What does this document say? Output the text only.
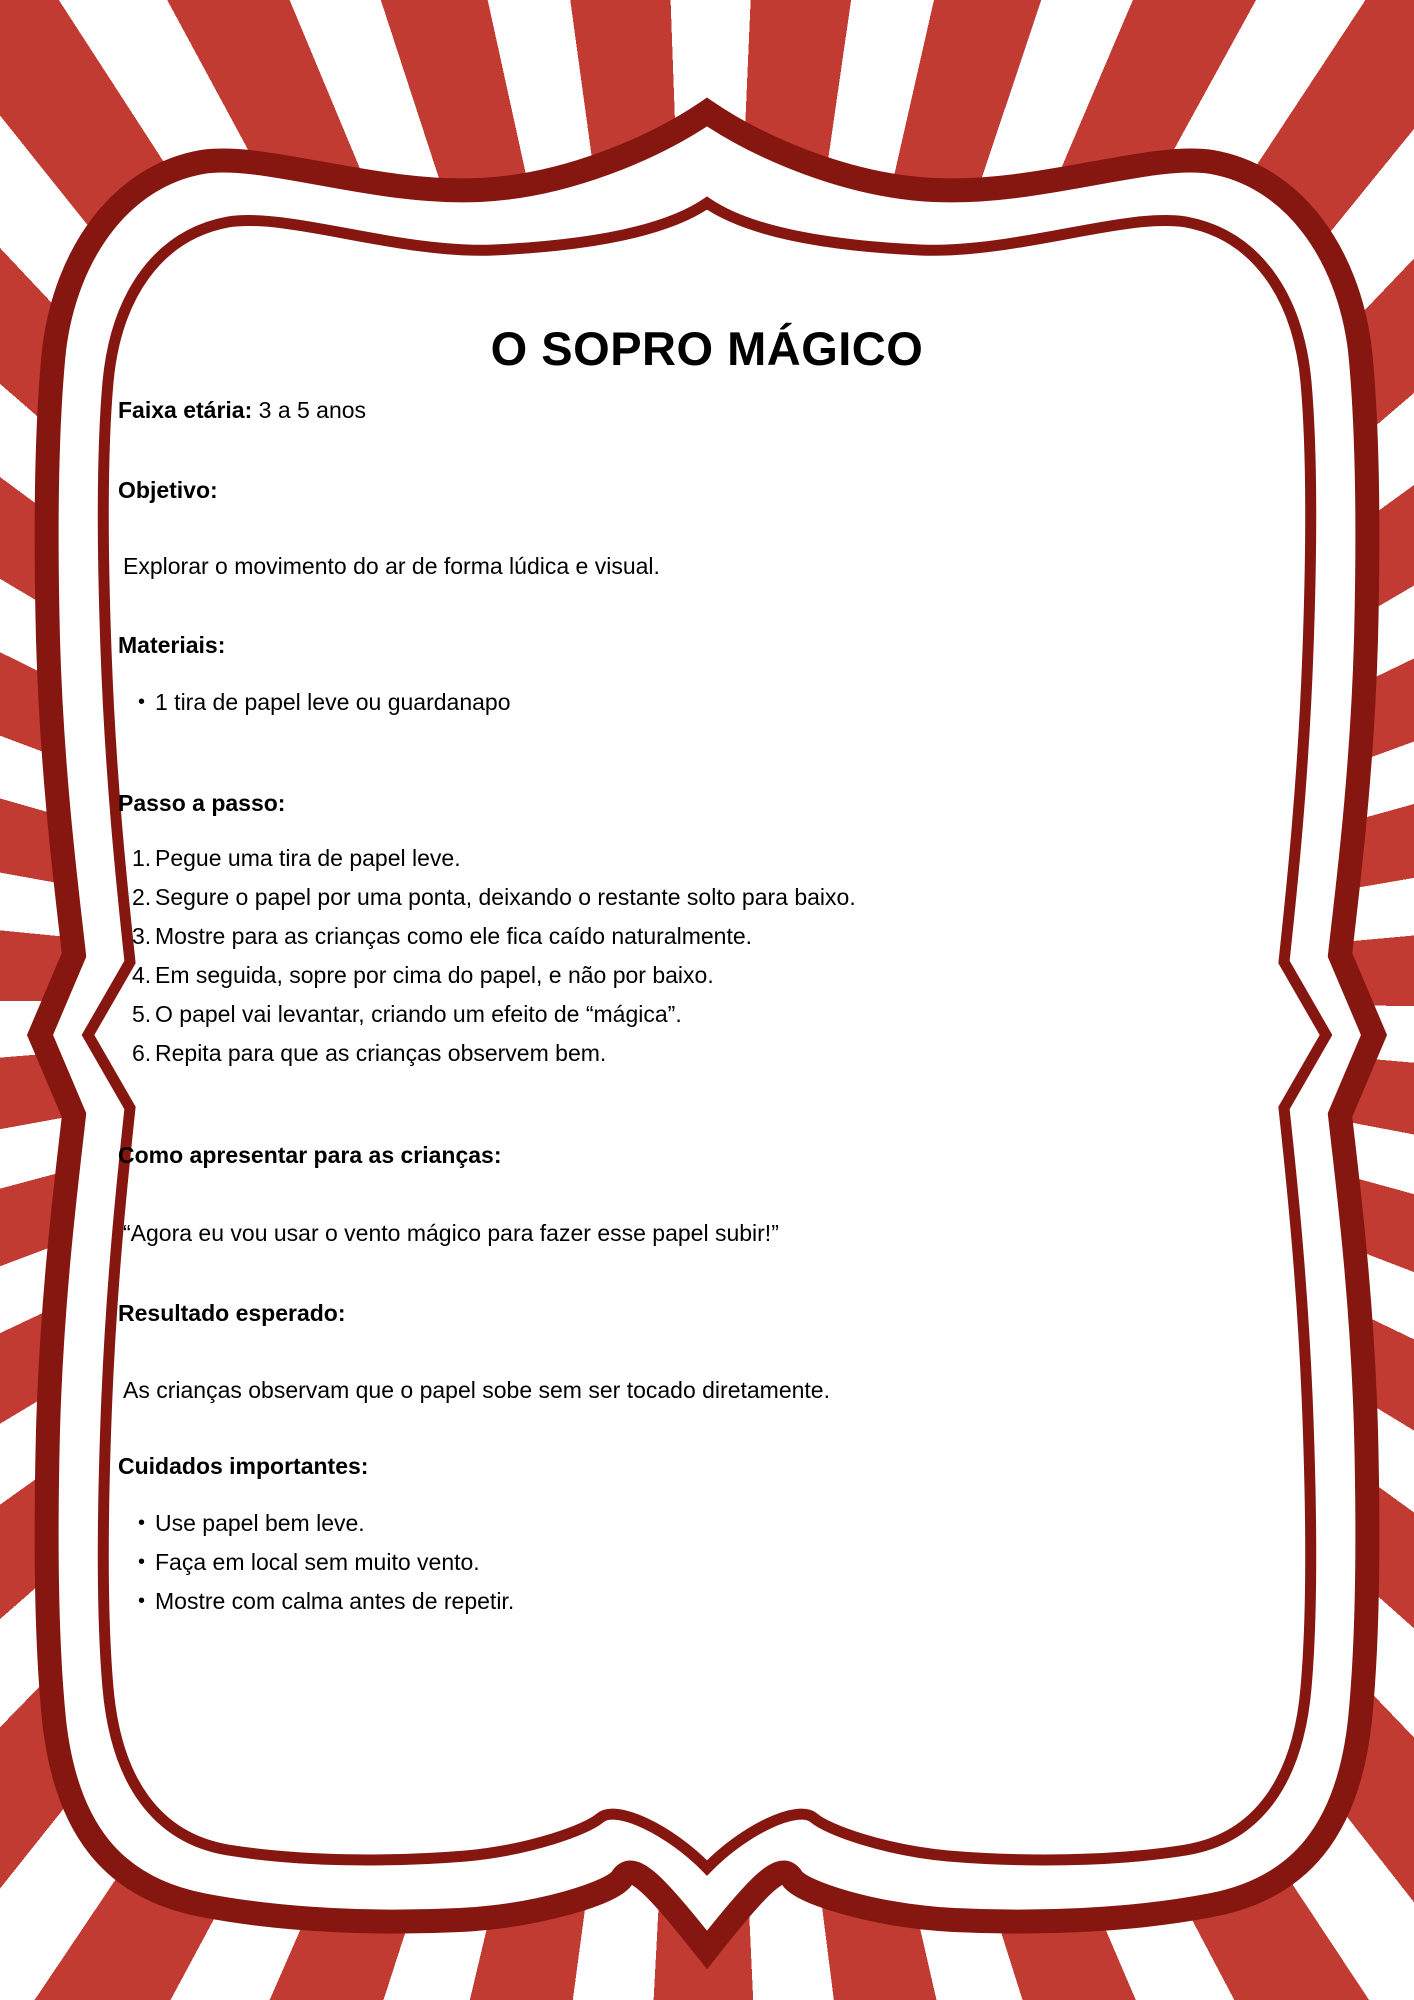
O SOPRO MÁGICO

Faixa etária: 3 a 5 anos

Objetivo:

Explorar o movimento do ar de forma lúdica e visual.

Materiais:

• 1 tira de papel leve ou guardanapo

Passo a passo:

Pegue uma tira de papel leve.
Segure o papel por uma ponta, deixando o restante solto para baixo.
Mostre para as crianças como ele fica caído naturalmente.
Em seguida, sopre por cima do papel, e não por baixo.
O papel vai levantar, criando um efeito de “mágica”.
Repita para que as crianças observem bem.

Como apresentar para as crianças:

“Agora eu vou usar o vento mágico para fazer esse papel subir!”

Resultado esperado:

As crianças observam que o papel sobe sem ser tocado diretamente.

Cuidados importantes:

• Use papel bem leve.
• Faça em local sem muito vento.
• Mostre com calma antes de repetir.
